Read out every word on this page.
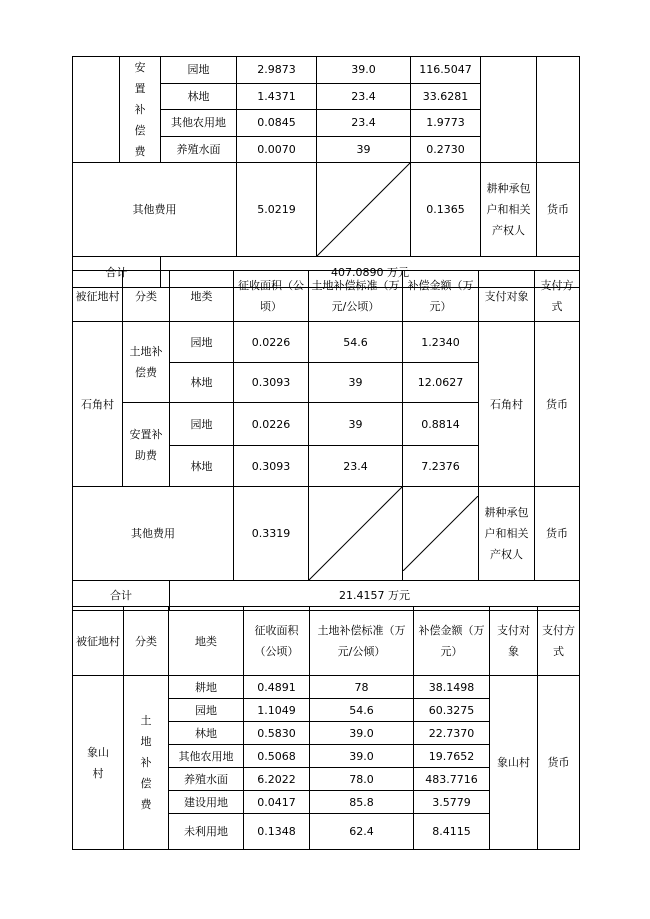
	安置补偿费	园地	2.9873	39.0	116.5047		
		林地	1.4371	23.4	33.6281		
		其他农用地	0.0845	23.4	1.9773		
		养殖水面	0.0070	39	0.2730		
其他费用			5.0219		0.1365	耕种承包户和相关产权人	货币
合计		407.0890 万元					
被征地村	分类	地类	征收面积（公顷）	土地补偿标准（万元/公顷）	补偿金额（万元）	支付对象	支付方式
石角村	土地补偿费	园地	0.0226	54.6	1.2340	石角村	货币
		林地	0.3093	39	12.0627		
	安置补助费	园地	0.0226	39	0.8814		
		林地	0.3093	23.4	7.2376		
其他费用			0.3319			耕种承包户和相关产权人	货币
合计		21.4157 万元					
被征地村	分类	地类	征收面积（公顷）	土地补偿标准（万元/公倾）	补偿金额（万元）	支付对象	支付方式

象山村	土地补偿费	耕地	0.4891	78	38.1498	象山村	货币
		园地	1.1049	54.6	60.3275		
		林地	0.5830	39.0	22.7370		
		其他农用地	0.5068	39.0	19.7652		
		养殖水面	6.2022	78.0	483.7716		
		建设用地	0.0417	85.8	3.5779		
		未利用地	0.1348	62.4	8.4115		
